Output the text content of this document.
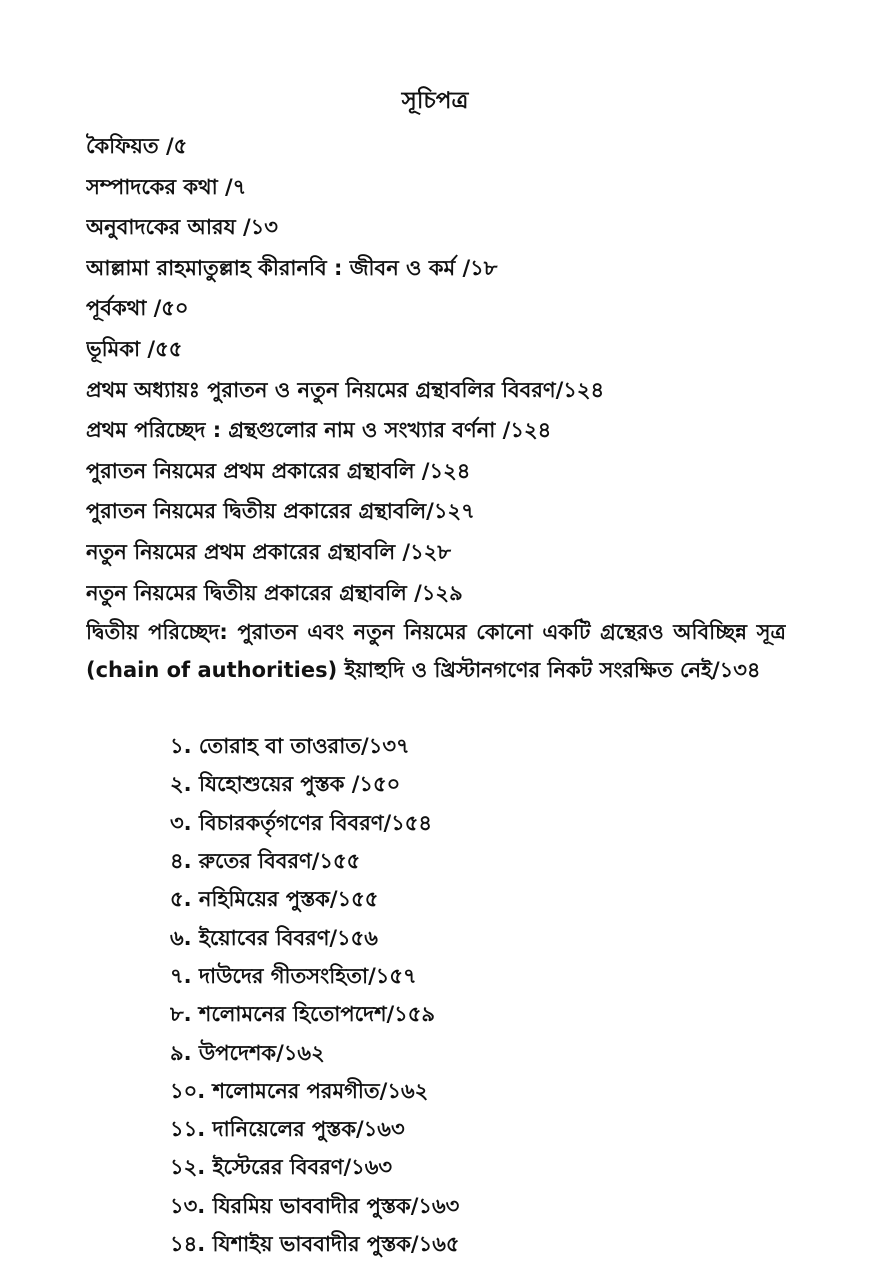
সূচিপত্র
কৈফিয়ত /৫
সম্পাদকের কথা /৭
অনুবাদকের আরয /১৩
আল্লামা রাহমাতুল্লাহ কীরানবি : জীবন ও কর্ম /১৮
পূর্বকথা /৫০
ভূমিকা /৫৫
প্রথম অধ্যায়ঃ পুরাতন ও নতুন নিয়মের গ্রন্থাবলির বিবরণ/১২৪
প্রথম পরিচ্ছেদ : গ্রন্থগুলোর নাম ও সংখ্যার বর্ণনা /১২৪
পুরাতন নিয়মের প্রথম প্রকারের গ্রন্থাবলি /১২৪
পুরাতন নিয়মের দ্বিতীয় প্রকারের গ্রন্থাবলি/১২৭
নতুন নিয়মের প্রথম প্রকারের গ্রন্থাবলি /১২৮
নতুন নিয়মের দ্বিতীয় প্রকারের গ্রন্থাবলি /১২৯
দ্বিতীয় পরিচ্ছেদ: পুরাতন এবং নতুন নিয়মের কোনো একটি গ্রন্থেরও অবিচ্ছিন্ন সূত্র (chain of authorities) ইয়াহুদি ও খ্রিস্টানগণের নিকট সংরক্ষিত নেই/১৩৪
১. তোরাহ বা তাওরাত/১৩৭
২. যিহোশুয়ের পুস্তক /১৫০
৩. বিচারকর্তৃগণের বিবরণ/১৫৪
৪. রুতের বিবরণ/১৫৫
৫. নহিমিয়ের পুস্তক/১৫৫
৬. ইয়োবের বিবরণ/১৫৬
৭. দাউদের গীতসংহিতা/১৫৭
৮. শলোমনের হিতোপদেশ/১৫৯
৯. উপদেশক/১৬২
১০. শলোমনের পরমগীত/১৬২
১১. দানিয়েলের পুস্তক/১৬৩
১২. ইস্টেরের বিবরণ/১৬৩
১৩. যিরমিয় ভাববাদীর পুস্তক/১৬৩
১৪. যিশাইয় ভাববাদীর পুস্তক/১৬৫
